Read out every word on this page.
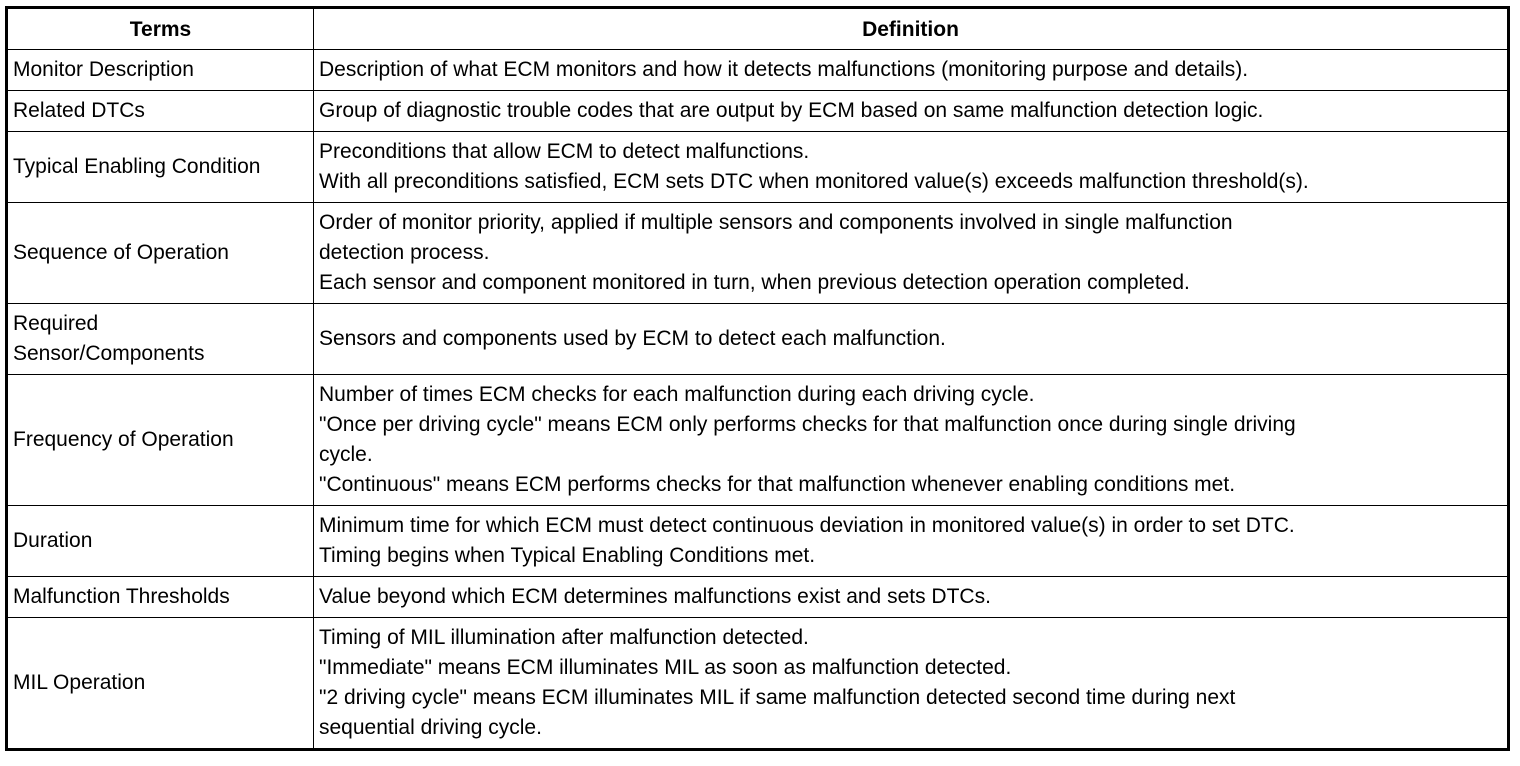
Terms	Definition

Monitor Description	Description of what ECM monitors and how it detects malfunctions (monitoring purpose and details).

Related DTCs	Group of diagnostic trouble codes that are output by ECM based on same malfunction detection logic.

Typical Enabling Condition	Preconditions that allow ECM to detect malfunctions.
With all preconditions satisfied, ECM sets DTC when monitored value(s) exceeds malfunction threshold(s).

Sequence of Operation	Order of monitor priority, applied if multiple sensors and components involved in single malfunction
detection process.
Each sensor and component monitored in turn, when previous detection operation completed.

Required
Sensor/Components	Sensors and components used by ECM to detect each malfunction.

Frequency of Operation	Number of times ECM checks for each malfunction during each driving cycle.
"Once per driving cycle" means ECM only performs checks for that malfunction once during single driving
cycle.
"Continuous" means ECM performs checks for that malfunction whenever enabling conditions met.

Duration	Minimum time for which ECM must detect continuous deviation in monitored value(s) in order to set DTC.
Timing begins when Typical Enabling Conditions met.

Malfunction Thresholds	Value beyond which ECM determines malfunctions exist and sets DTCs.

MIL Operation	Timing of MIL illumination after malfunction detected.
"Immediate" means ECM illuminates MIL as soon as malfunction detected.
"2 driving cycle" means ECM illuminates MIL if same malfunction detected second time during next
sequential driving cycle.
